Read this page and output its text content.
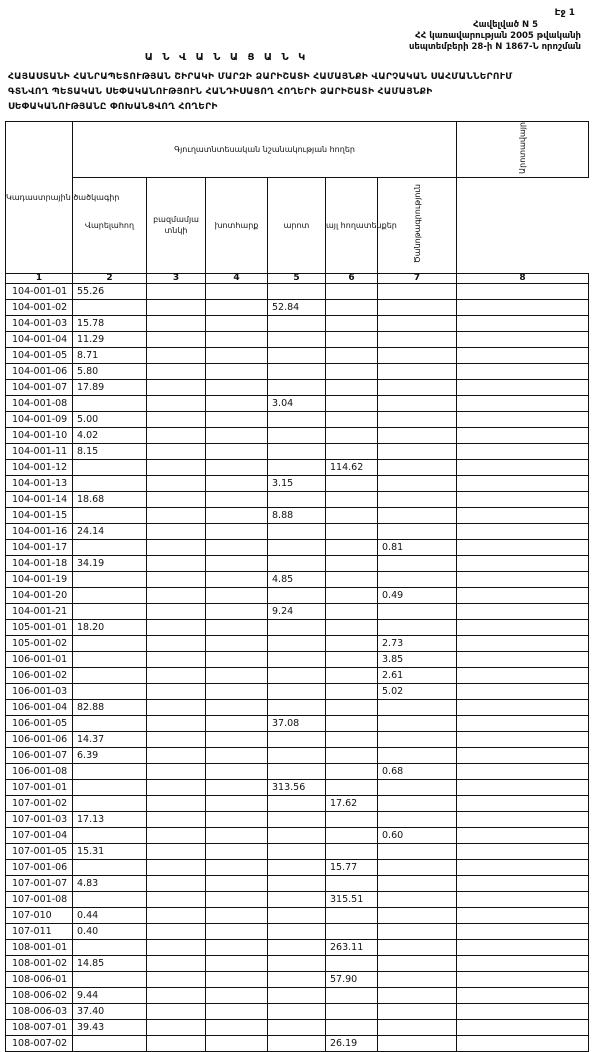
Էջ 1
Հավելված N 5
ՀՀ կառավարության 2005 թվականի
սեպտեմբերի 28-ի N 1867-Ն որոշման
Ա Ն Վ Ա Ն Ա Ց Ա Ն Կ
ՀԱՅԱՍՏԱՆԻ ՀԱՆՐԱՊԵՏՈՒԹՅԱՆ ՇԻՐԱԿԻ ՄԱՐԶԻ ՁԱՐԻՇԱՏԻ ՀԱՄԱՅՆՔԻ ՎԱՐՉԱԿԱՆ ՍԱՀՄԱՆՆԵՐՈՒՄ ԳՏՆՎՈՂ ՊԵՏԱԿԱՆ ՍԵՓԱԿԱՆՈՒԹՅՈՒՆ ՀԱՆԴԻՍԱՑՈՂ ՀՈՂԵՐԻ ՁԱՐԻՇԱՏԻ ՀԱՄԱՅՆՔԻ ՍԵՓԱԿԱՆՈՒԹՅԱՆԸ ՓՈԽԱՆՑՎՈՂ ՀՈՂԵՐԻ
Կադաստրային ծածկագիր	Գյուղատնտեսական նշանակության հողեր						Արոտավայր
	Վարելահող	բազմամյա տնկի	խոտհարք	արոտ	այլ հողատեսքեր	Ծանոթագրություն	
1	2	3	4	5	6	7	8
104-001-01	55.26						
104-001-02				52.84			
104-001-03	15.78						
104-001-04	11.29						
104-001-05	8.71						
104-001-06	5.80						
104-001-07	17.89						
104-001-08				3.04			
104-001-09	5.00						
104-001-10	4.02						
104-001-11	8.15						
104-001-12					114.62		
104-001-13				3.15			
104-001-14	18.68						
104-001-15				8.88			
104-001-16	24.14						
104-001-17						0.81	
104-001-18	34.19						
104-001-19				4.85			
104-001-20						0.49	
104-001-21				9.24			
105-001-01	18.20						
105-001-02						2.73	
106-001-01						3.85	
106-001-02						2.61	
106-001-03						5.02	
106-001-04	82.88						
106-001-05				37.08			
106-001-06	14.37						
106-001-07	6.39						
106-001-08						0.68	
107-001-01				313.56			
107-001-02					17.62		
107-001-03	17.13						
107-001-04						0.60	
107-001-05	15.31						
107-001-06					15.77		
107-001-07	4.83						
107-001-08					315.51		
107-010	0.44						
107-011	0.40						
108-001-01					263.11		
108-001-02	14.85						
108-006-01					57.90		
108-006-02	9.44						
108-006-03	37.40						
108-007-01	39.43						
108-007-02					26.19		
